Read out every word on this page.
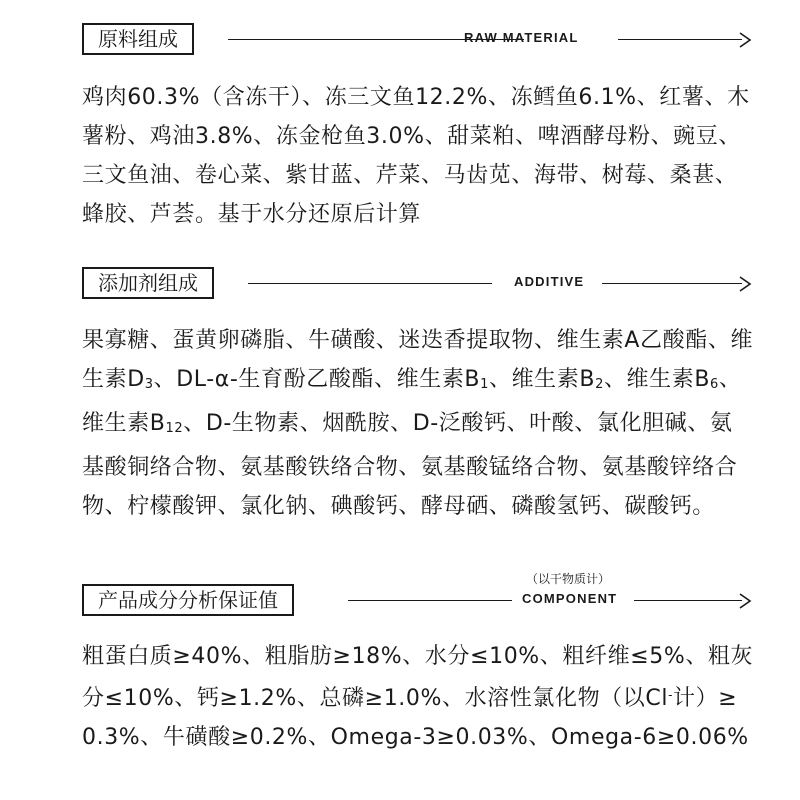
原料组成	RAW MATERIAL
鸡肉60.3%（含冻干）、冻三文鱼12.2%、冻鳕鱼6.1%、红薯、木薯粉、鸡油3.8%、冻金枪鱼3.0%、甜菜粕、啤酒酵母粉、豌豆、三文鱼油、卷心菜、紫甘蓝、芹菜、马齿苋、海带、树莓、桑葚、蜂胶、芦荟。基于水分还原后计算
添加剂组成	ADDITIVE
果寡糖、蛋黄卵磷脂、牛磺酸、迷迭香提取物、维生素A乙酸酯、维生素$D_3$、DL-α-生育酚乙酸酯、维生素$B_1$、维生素$B_2$、维生素$B_6$、维生素$B_{12}$、D-生物素、烟酰胺、D-泛酸钙、叶酸、氯化胆碱、氨基酸铜络合物、氨基酸铁络合物、氨基酸锰络合物、氨基酸锌络合物、柠檬酸钾、氯化钠、碘酸钙、酵母硒、磷酸氢钙、碳酸钙。
产品成分分析保证值
（以干物质计）
COMPONENT
粗蛋白质≥40%、粗脂肪≥18%、水分≤10%、粗纤维≤5%、粗灰分≤10%、钙≥1.2%、总磷≥1.0%、水溶性氯化物（以Cl-计）≥0.3%、牛磺酸≥0.2%、Omega-3≥0.03%、Omega-6≥0.06%
